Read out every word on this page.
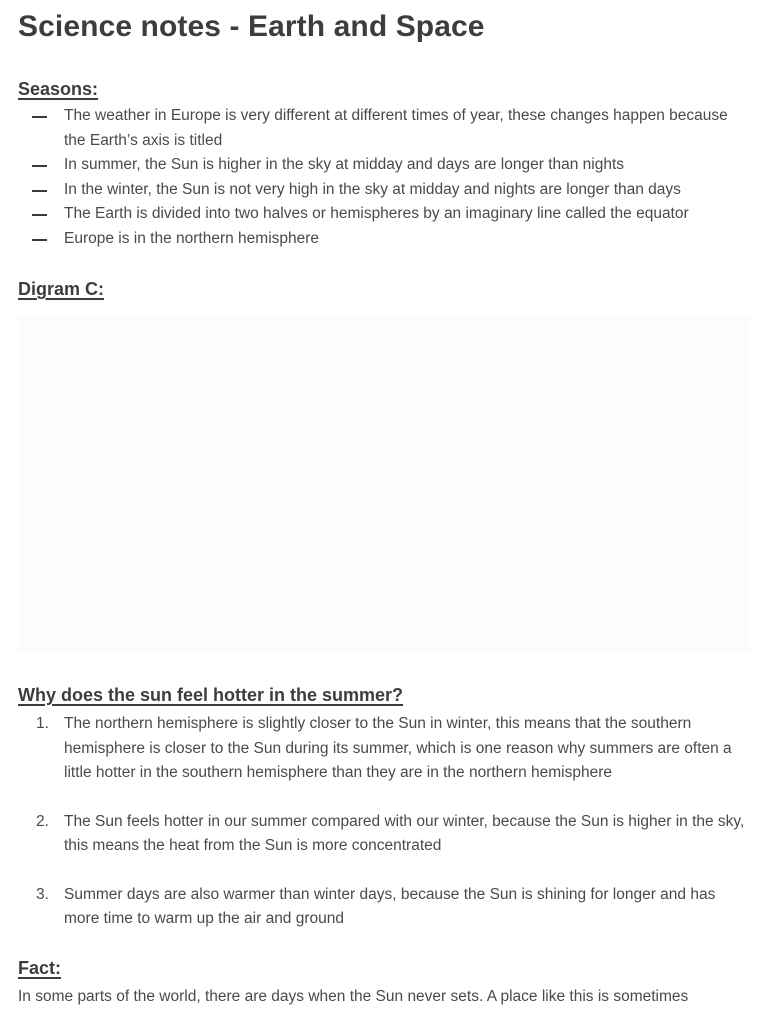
Science notes - Earth and Space
Seasons:
The weather in Europe is very different at different times of year, these changes happen because the Earth’s axis is titled
In summer, the Sun is higher in the sky at midday and days are longer than nights
In the winter, the Sun is not very high in the sky at midday and nights are longer than days
The Earth is divided into two halves or hemispheres by an imaginary line called the equator
Europe is in the northern hemisphere
Digram C:
Why does the sun feel hotter in the summer?
1. The northern hemisphere is slightly closer to the Sun in winter, this means that the southern hemisphere is closer to the Sun during its summer, which is one reason why summers are often a little hotter in the southern hemisphere than they are in the northern hemisphere
2. The Sun feels hotter in our summer compared with our winter, because the Sun is higher in the sky, this means the heat from the Sun is more concentrated
3. Summer days are also warmer than winter days, because the Sun is shining for longer and has more time to warm up the air and ground
Fact:

In some parts of the world, there are days when the Sun never sets. A place like this is sometimes
